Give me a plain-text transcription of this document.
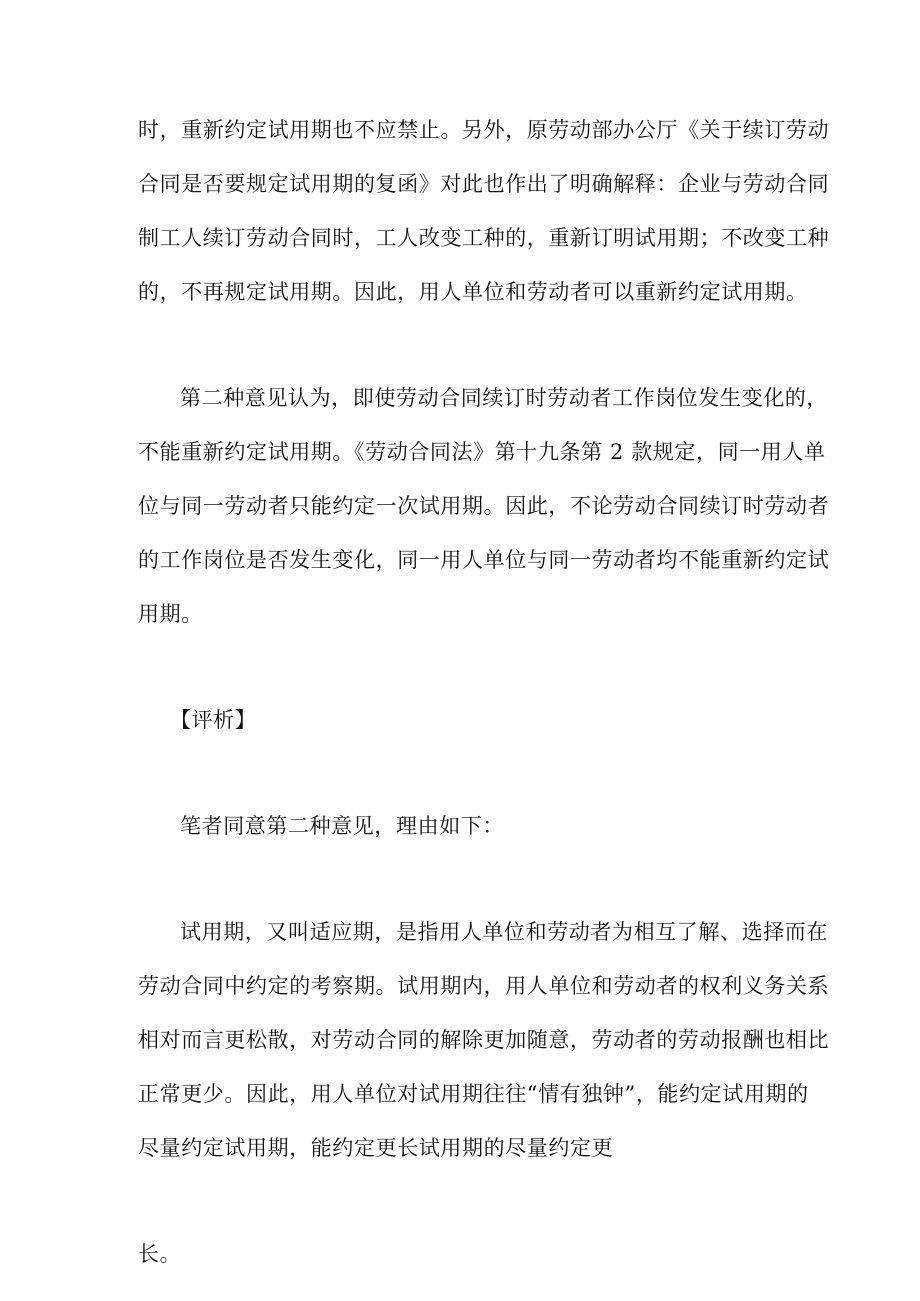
时，重新约定试用期也不应禁止。另外，原劳动部办公厅《关于续订劳动
合同是否要规定试用期的复函》对此也作出了明确解释：企业与劳动合同
制工人续订劳动合同时，工人改变工种的，重新订明试用期；不改变工种
的，不再规定试用期。因此，用人单位和劳动者可以重新约定试用期。
第二种意见认为，即使劳动合同续订时劳动者工作岗位发生变化的，
不能重新约定试用期。《劳动合同法》第十九条第 2 款规定，同一用人单
位与同一劳动者只能约定一次试用期。因此，不论劳动合同续订时劳动者
的工作岗位是否发生变化，同一用人单位与同一劳动者均不能重新约定试
用期。
【评析】
笔者同意第二种意见，理由如下：
试用期，又叫适应期，是指用人单位和劳动者为相互了解、选择而在
劳动合同中约定的考察期。试用期内，用人单位和劳动者的权利义务关系
相对而言更松散，对劳动合同的解除更加随意，劳动者的劳动报酬也相比
正常更少。因此，用人单位对试用期往往“情有独钟”，能约定试用期的
尽量约定试用期，能约定更长试用期的尽量约定更
长。
